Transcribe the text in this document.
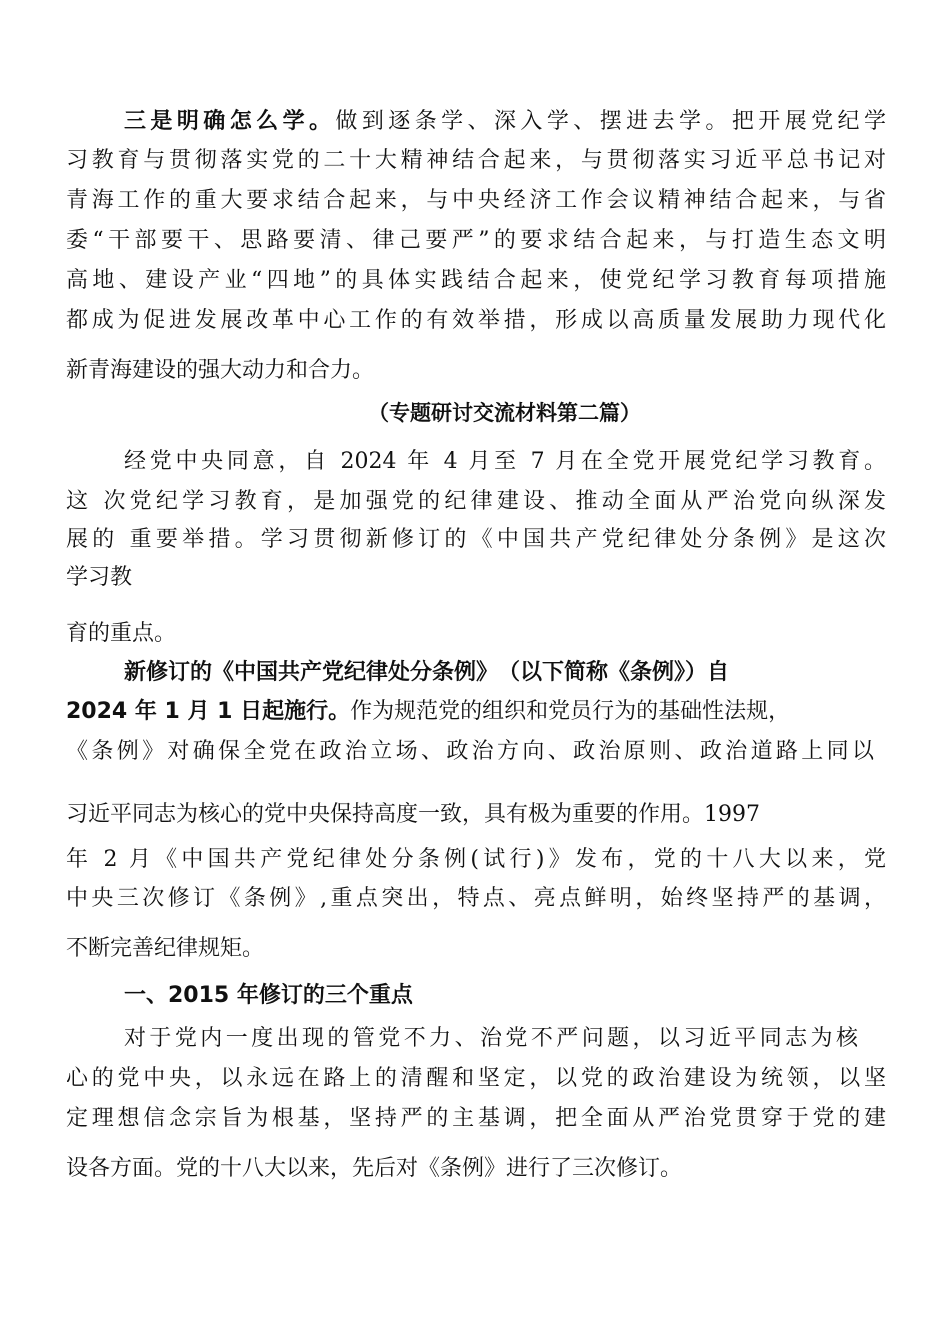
三是明确怎么学。做到逐条学、深入学、摆进去学。把开展党纪学
习教育与贯彻落实党的二十大精神结合起来，与贯彻落实习近平总书记对
青海工作的重大要求结合起来，与中央经济工作会议精神结合起来，与省
委“干部要干、思路要清、律己要严”的要求结合起来，与打造生态文明
高地、建设产业“四地”的具体实践结合起来，使党纪学习教育每项措施
都成为促进发展改革中心工作的有效举措，形成以高质量发展助力现代化
新青海建设的强大动力和合力。
（专题研讨交流材料第二篇）
经党中央同意，自 2024 年 4 月至 7 月在全党开展党纪学习教育。
这 次党纪学习教育，是加强党的纪律建设、推动全面从严治党向纵深发
展的 重要举措。学习贯彻新修订的《中国共产党纪律处分条例》是这次
学习教
育的重点。
新修订的《中国共产党纪律处分条例》　（以下简称《条例》）自
2024 年 1 月 1 日起施行。作为规范党的组织和党员行为的基础性法规，
《条例》对确保全党在政治立场、政治方向、政治原则、政治道路上同以
习近平同志为核心的党中央保持高度一致，具有极为重要的作用。1997
年 2 月《中国共产党纪律处分条例(试行)》发布，党的十八大以来，党
中央三次修订《条例》,重点突出，特点、亮点鲜明，始终坚持严的基调，
不断完善纪律规矩。
一、2015 年修订的三个重点
对于党内一度出现的管党不力、治党不严问题，以习近平同志为核
心的党中央，以永远在路上的清醒和坚定，以党的政治建设为统领，以坚
定理想信念宗旨为根基，坚持严的主基调，把全面从严治党贯穿于党的建
设各方面。党的十八大以来，先后对《条例》进行了三次修订。
